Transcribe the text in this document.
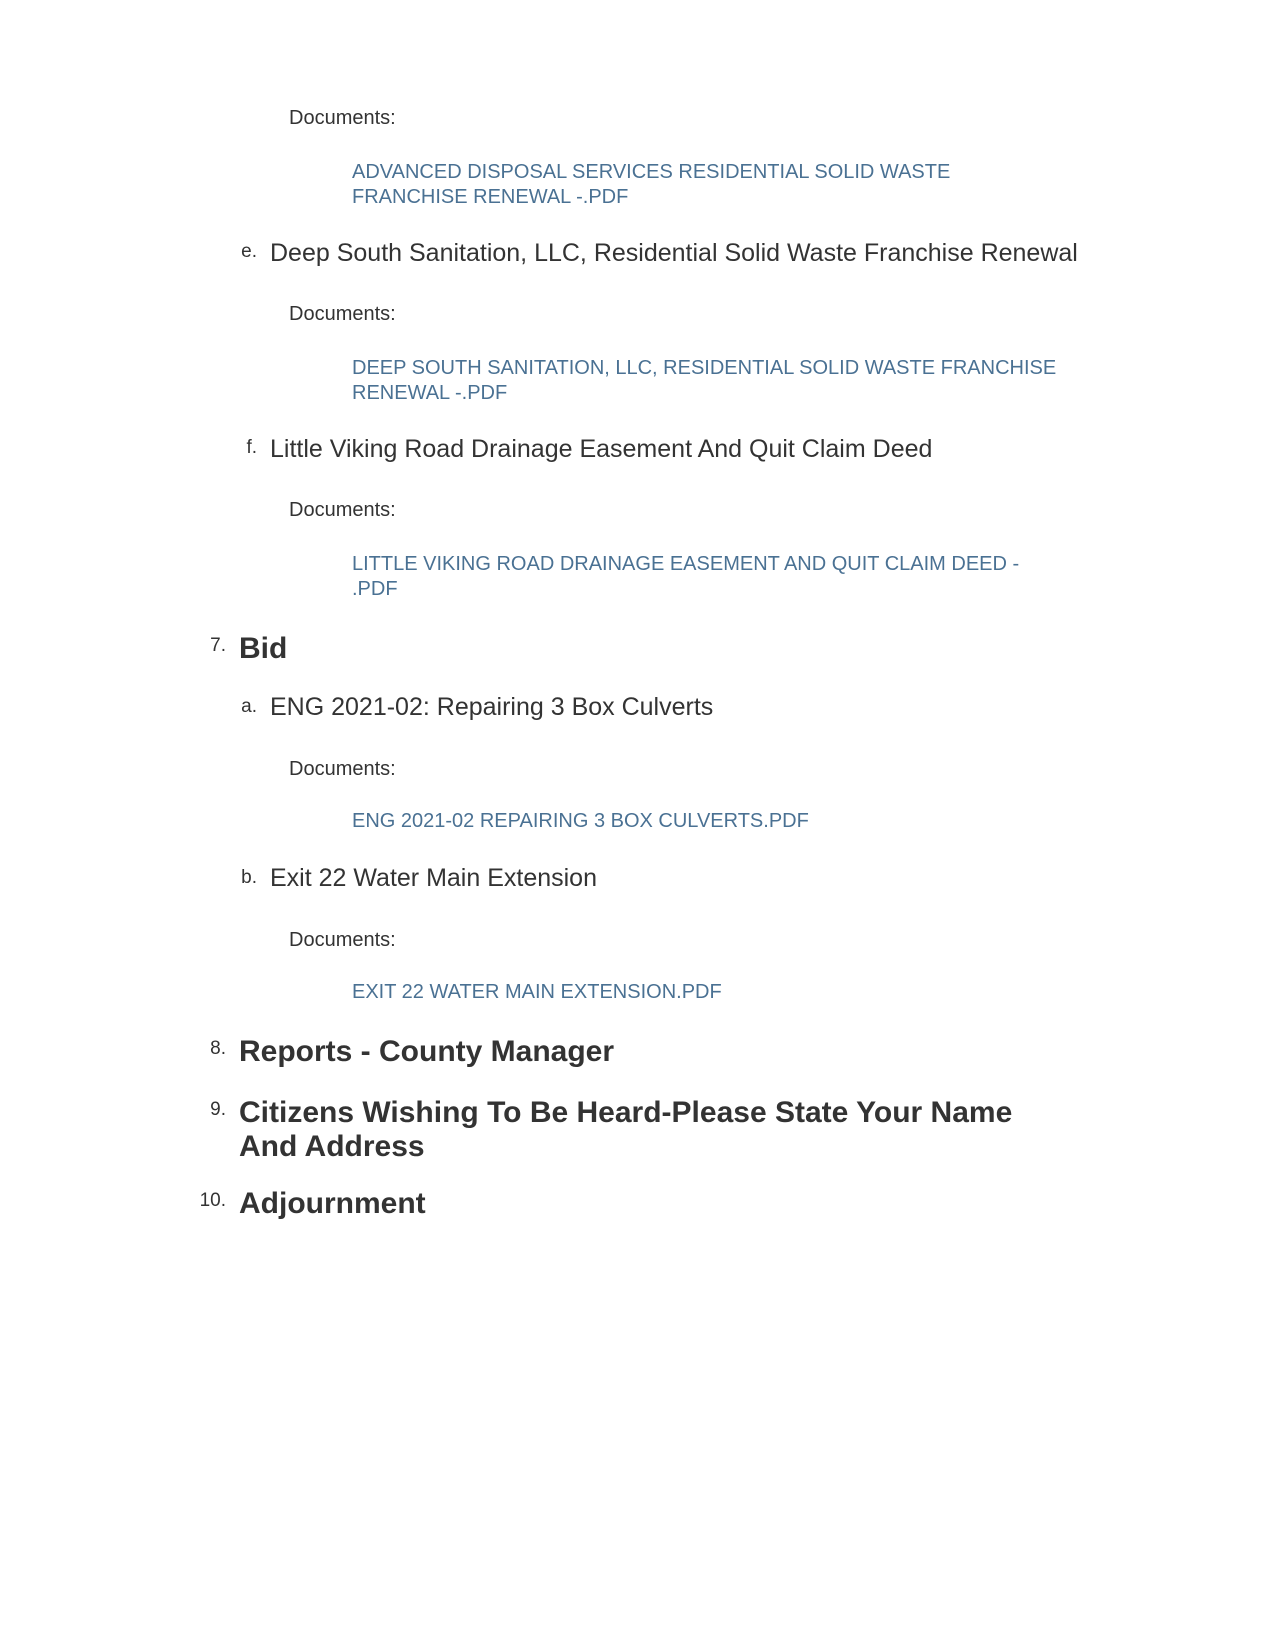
Documents:
ADVANCED DISPOSAL SERVICES RESIDENTIAL SOLID WASTE
FRANCHISE RENEWAL -.PDF
e. Deep South Sanitation, LLC, Residential Solid Waste Franchise Renewal
Documents:
DEEP SOUTH SANITATION, LLC, RESIDENTIAL SOLID WASTE FRANCHISE
RENEWAL -.PDF
f. Little Viking Road Drainage Easement And Quit Claim Deed
Documents:
LITTLE VIKING ROAD DRAINAGE EASEMENT AND QUIT CLAIM DEED -
.PDF
7. Bid
a. ENG 2021-02: Repairing 3 Box Culverts
Documents:
ENG 2021-02 REPAIRING 3 BOX CULVERTS.PDF
b. Exit 22 Water Main Extension
Documents:
EXIT 22 WATER MAIN EXTENSION.PDF
8. Reports - County Manager
9. Citizens Wishing To Be Heard-Please State Your Name
And Address
10. Adjournment
